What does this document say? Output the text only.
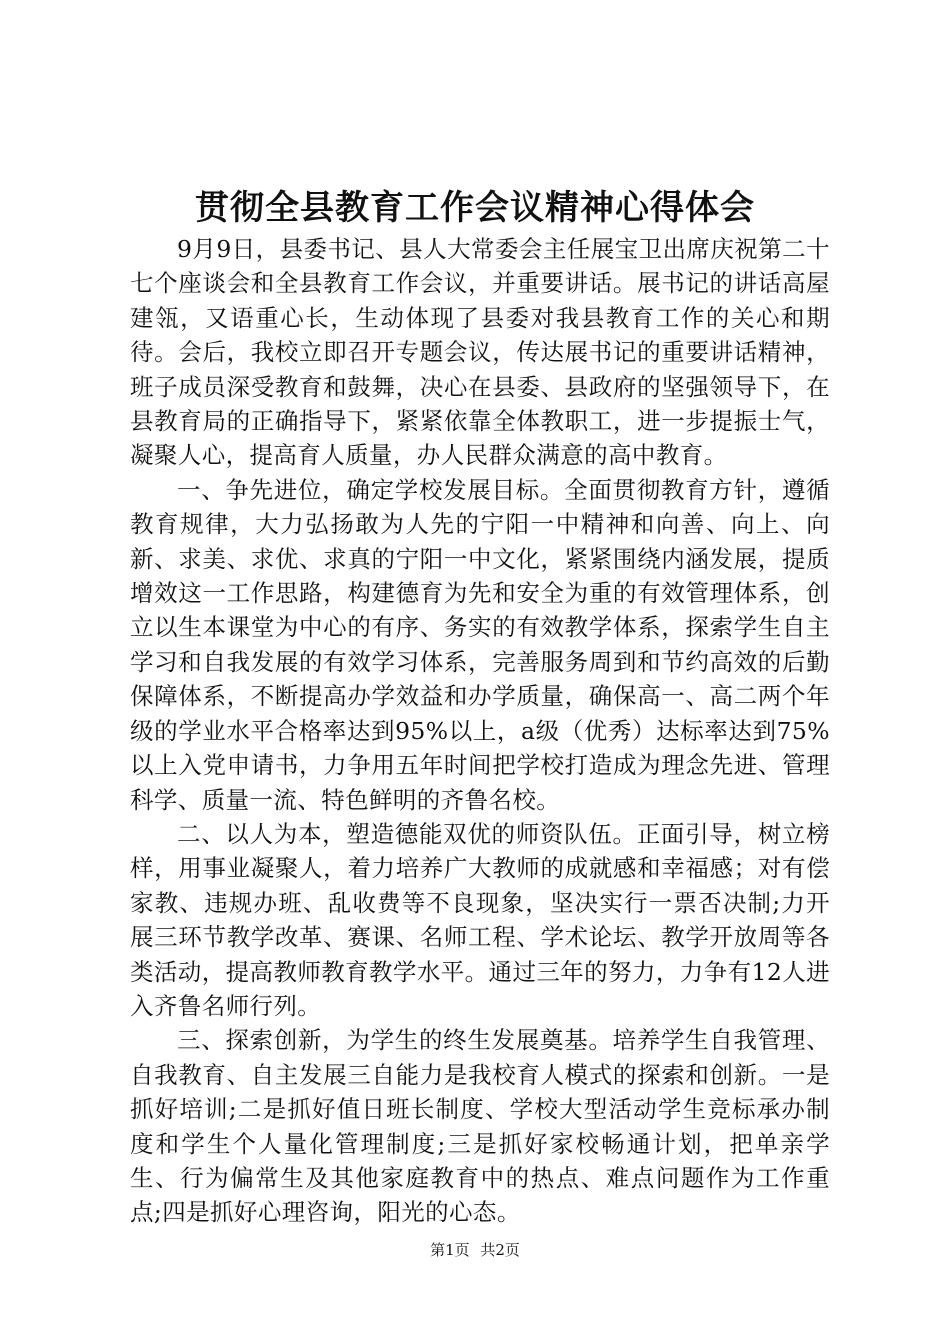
贯彻全县教育工作会议精神心得体会

9月9日，县委书记、县人大常委会主任展宝卫出席庆祝第二十七个座谈会和全县教育工作会议，并重要讲话。展书记的讲话高屋建瓴，又语重心长，生动体现了县委对我县教育工作的关心和期待。会后，我校立即召开专题会议，传达展书记的重要讲话精神，班子成员深受教育和鼓舞，决心在县委、县政府的坚强领导下，在县教育局的正确指导下，紧紧依靠全体教职工，进一步提振士气，凝聚人心，提高育人质量，办人民群众满意的高中教育。

一、争先进位，确定学校发展目标。全面贯彻教育方针，遵循教育规律，大力弘扬敢为人先的宁阳一中精神和向善、向上、向新、求美、求优、求真的宁阳一中文化，紧紧围绕内涵发展，提质增效这一工作思路，构建德育为先和安全为重的有效管理体系，创立以生本课堂为中心的有序、务实的有效教学体系，探索学生自主学习和自我发展的有效学习体系，完善服务周到和节约高效的后勤保障体系，不断提高办学效益和办学质量，确保高一、高二两个年级的学业水平合格率达到95%以上，a级（优秀）达标率达到75%以上入党申请书，力争用五年时间把学校打造成为理念先进、管理科学、质量一流、特色鲜明的齐鲁名校。

二、以人为本，塑造德能双优的师资队伍。正面引导，树立榜样，用事业凝聚人，着力培养广大教师的成就感和幸福感；对有偿家教、违规办班、乱收费等不良现象，坚决实行一票否决制;力开展三环节教学改革、赛课、名师工程、学术论坛、教学开放周等各类活动，提高教师教育教学水平。通过三年的努力，力争有12人进入齐鲁名师行列。

三、探索创新，为学生的终生发展奠基。培养学生自我管理、自我教育、自主发展三自能力是我校育人模式的探索和创新。一是抓好培训;二是抓好值日班长制度、学校大型活动学生竞标承办制度和学生个人量化管理制度;三是抓好家校畅通计划，把单亲学生、行为偏常生及其他家庭教育中的热点、难点问题作为工作重点;四是抓好心理咨询，阳光的心态。

第1页 共2页
